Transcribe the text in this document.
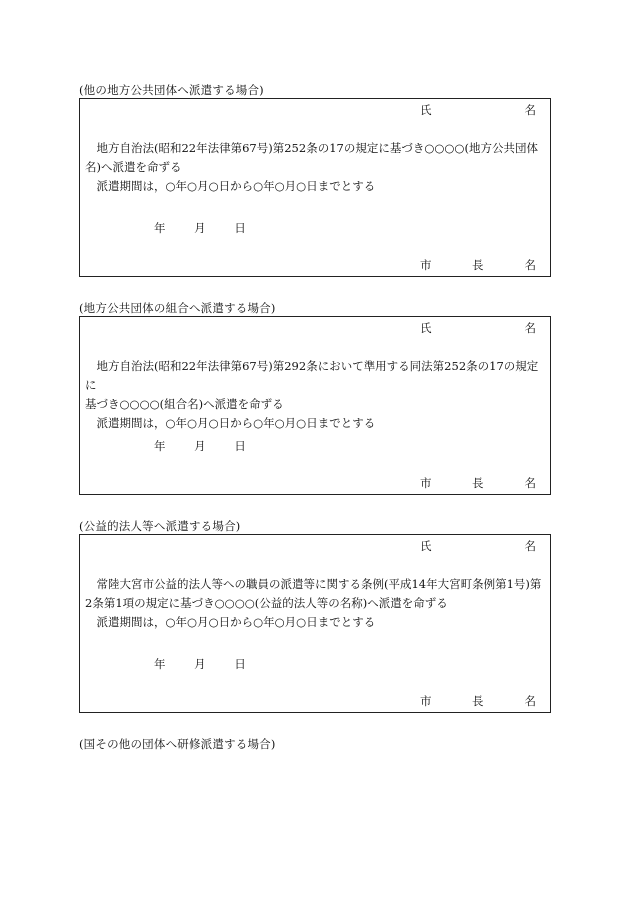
(他の地方公共団体へ派遣する場合)
氏	名

地方自治法(昭和22年法律第67号)第252条の17の規定に基づき○○○○(地方公共団体

名)へ派遣を命ずる

派遣期間は，○年○月○日から○年○月○日までとする

年 月 日
市	長	名
(地方公共団体の組合へ派遣する場合)
氏	名

地方自治法(昭和22年法律第67号)第292条において準用する同法第252条の17の規定に

基づき○○○○(組合名)へ派遣を命ずる

派遣期間は，○年○月○日から○年○月○日までとする

年 月 日
市	長	名
(公益的法人等へ派遣する場合)
氏	名

常陸大宮市公益的法人等への職員の派遣等に関する条例(平成14年大宮町条例第1号)第

2条第1項の規定に基づき○○○○(公益的法人等の名称)へ派遣を命ずる

派遣期間は，○年○月○日から○年○月○日までとする

年 月 日
市	長	名
(国その他の団体へ研修派遣する場合)
